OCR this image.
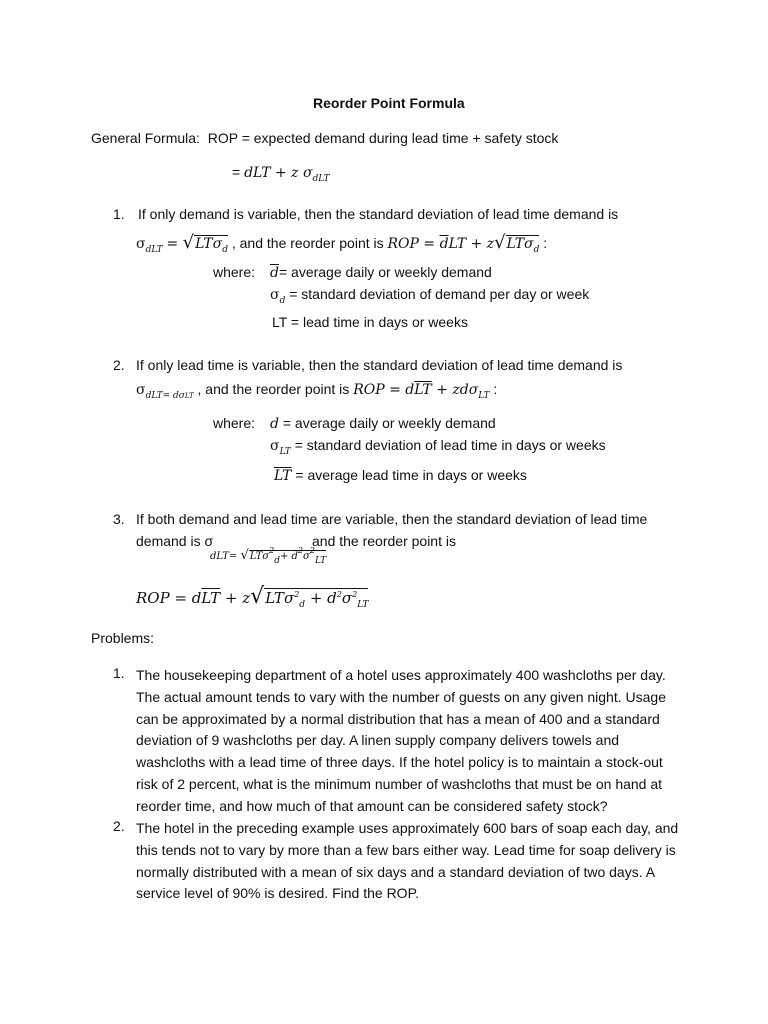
Reorder Point Formula
General Formula: ROP = expected demand during lead time + safety stock
= dLT + z $\sigma_{dLT}$
1. If only demand is variable, then the standard deviation of lead time demand is
$\sigma_{dLT} = √LT\sigma_d$ , and the reorder point is ROP = $\overline{d}LT + z√LT\sigma_d$ :
where: $\overline{d}=$ average daily or weekly demand
$\sigma_d$ = standard deviation of demand per day or week
LT = lead time in days or weeks
2. If only lead time is variable, then the standard deviation of lead time demand is
$\sigma_{dLT= d\sigma LT}$ , and the reorder point is ROP = $d\overline{LT} + zd\sigma_{LT}$ :
where: d = average daily or weekly demand
$\sigma_{LT}$ = standard deviation of lead time in days or weeks
$\overline{LT}$ = average lead time in days or weeks
3. If both demand and lead time are variable, then the standard deviation of lead time
demand is σ	and the reorder point is
$dLT= √LT\sigma^2d+ \overline{d}^2\sigma^2LT$
ROP = $d\overline{LT} + z√LT\sigma^2_d + \overline{d}^2\sigma^2_{LT}$
Problems:
1. The housekeeping department of a hotel uses approximately 400 washcloths per day.
The actual amount tends to vary with the number of guests on any given night. Usage
can be approximated by a normal distribution that has a mean of 400 and a standard
deviation of 9 washcloths per day. A linen supply company delivers towels and
washcloths with a lead time of three days. If the hotel policy is to maintain a stock-out
risk of 2 percent, what is the minimum number of washcloths that must be on hand at
reorder time, and how much of that amount can be considered safety stock?
2. The hotel in the preceding example uses approximately 600 bars of soap each day, and
this tends not to vary by more than a few bars either way. Lead time for soap delivery is
normally distributed with a mean of six days and a standard deviation of two days. A
service level of 90% is desired. Find the ROP.
